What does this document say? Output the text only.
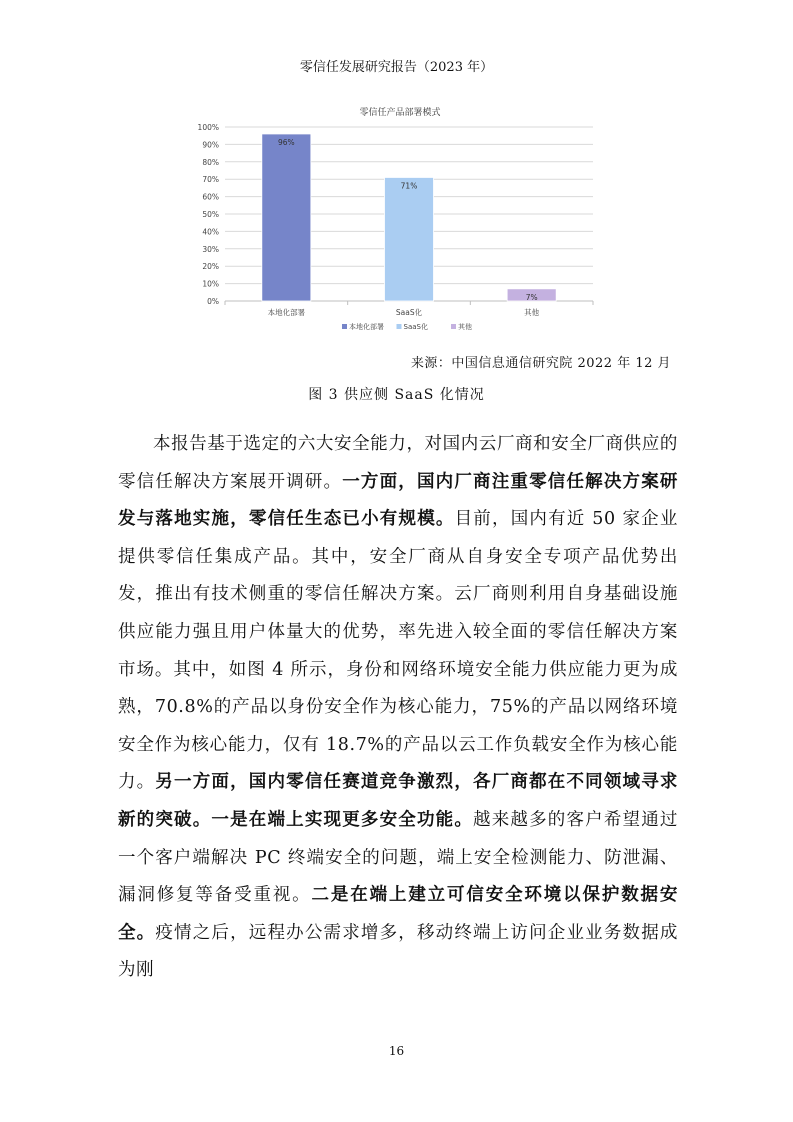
零信任发展研究报告（2023 年）
零信任产品部署模式
0%
10%
20%
30%
40%
50%
60%
70%
80%
90%
100%
96%
本地化部署
71%
SaaS化
7%
其他
本地化部署	SaaS化	其他
来源：中国信息通信研究院 2022 年 12 月
图 3 供应侧 SaaS 化情况

本报告基于选定的六大安全能力，对国内云厂商和安全厂商供应的零信任解决方案展开调研。一方面，国内厂商注重零信任解决方案研发与落地实施，零信任生态已小有规模。目前，国内有近 50 家企业提供零信任集成产品。其中，安全厂商从自身安全专项产品优势出发，推出有技术侧重的零信任解决方案。云厂商则利用自身基础设施供应能力强且用户体量大的优势，率先进入较全面的零信任解决方案市场。其中，如图 4 所示，身份和网络环境安全能力供应能力更为成熟，70.8%的产品以身份安全作为核心能力，75%的产品以网络环境安全作为核心能力，仅有 18.7%的产品以云工作负载安全作为核心能力。另一方面，国内零信任赛道竞争激烈，各厂商都在不同领域寻求新的突破。一是在端上实现更多安全功能。越来越多的客户希望通过一个客户端解决 PC 终端安全的问题，端上安全检测能力、防泄漏、漏洞修复等备受重视。二是在端上建立可信安全环境以保护数据安全。疫情之后，远程办公需求增多，移动终端上访问企业业务数据成为刚

16
